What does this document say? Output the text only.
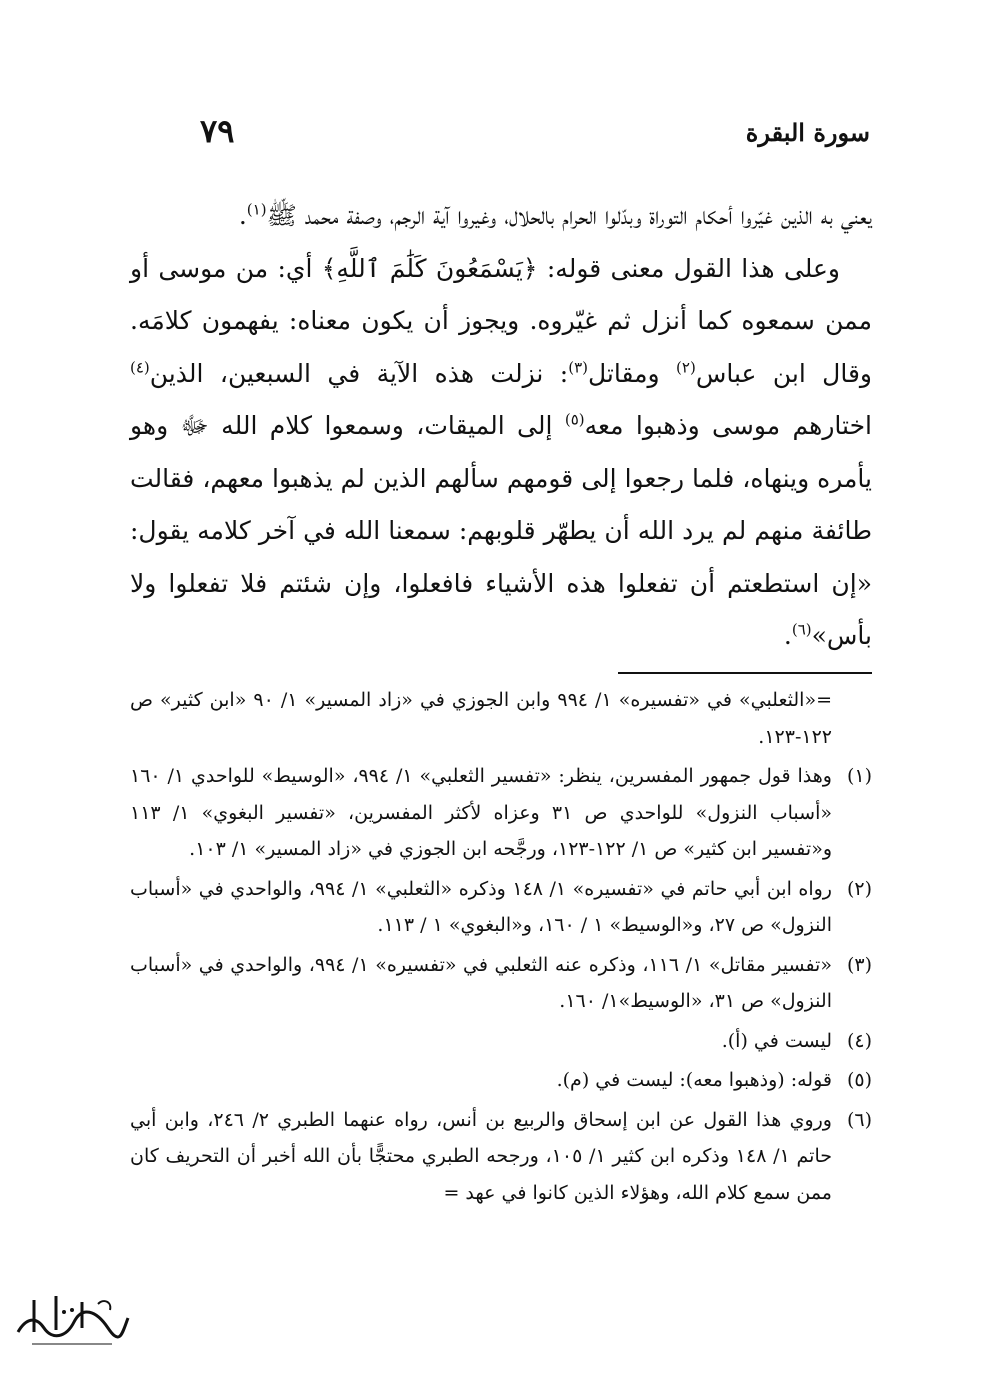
سورة البقرة
٧٩

يعني به الذين غيّروا أحكام التوراة وبدّلوا الحرام بالحلال، وغيروا آية الرجم، وصفة محمد ﷺ$^{(١)}$.

وعلى هذا القول معنى قوله: ﴿يَسْمَعُونَ كَلَٰمَ ٱللَّهِ﴾ أي: من موسى أو ممن سمعوه كما أنزل ثم غيّروه. ويجوز أن يكون معناه: يفهمون كلامَه. وقال ابن عباس$^{(٢)}$ ومقاتل$^{(٣)}$: نزلت هذه الآية في السبعين، الذين$^{(٤)}$ اختارهم موسى وذهبوا معه$^{(٥)}$ إلى الميقات، وسمعوا كلام الله ﷻ وهو يأمره وينهاه، فلما رجعوا إلى قومهم سألهم الذين لم يذهبوا معهم، فقالت طائفة منهم لم يرد الله أن يطهّر قلوبهم: سمعنا الله في آخر كلامه يقول: «إن استطعتم أن تفعلوا هذه الأشياء فافعلوا، وإن شئتم فلا تفعلوا ولا بأس»$^{(٦)}$.

=«الثعلبي» في «تفسيره» ١/ ٩٩٤ وابن الجوزي في «زاد المسير» ١/ ٩٠ «ابن كثير» ص ١٢٢-١٢٣.
(١)
وهذا قول جمهور المفسرين، ينظر: «تفسير الثعلبي» ١/ ٩٩٤، «الوسيط» للواحدي ١/ ١٦٠ «أسباب النزول» للواحدي ص ٣١ وعزاه لأكثر المفسرين، «تفسير البغوي» ١/ ١١٣ و«تفسير ابن كثير» ص ١/ ١٢٢-١٢٣، ورجَّحه ابن الجوزي في «زاد المسير» ١/ ١٠٣.
(٢)
رواه ابن أبي حاتم في «تفسيره» ١/ ١٤٨ وذكره «الثعلبي» ١/ ٩٩٤، والواحدي في «أسباب النزول» ص ٢٧، و«الوسيط» ١ / ١٦٠، و«البغوي» ١ / ١١٣.
(٣)
«تفسير مقاتل» ١/ ١١٦، وذكره عنه الثعلبي في «تفسيره» ١/ ٩٩٤، والواحدي في «أسباب النزول» ص ٣١، «الوسيط»١/ ١٦٠.
(٤)
ليست في (أ).
(٥)
قوله: (وذهبوا معه): ليست في (م).
(٦)
وروي هذا القول عن ابن إسحاق والربيع بن أنس، رواه عنهما الطبري ٢/ ٢٤٦، وابن أبي حاتم ١/ ١٤٨ وذكره ابن كثير ١/ ١٠٥، ورجحه الطبري محتجًّا بأن الله أخبر أن التحريف كان ممن سمع كلام الله، وهؤلاء الذين كانوا في عهد =
